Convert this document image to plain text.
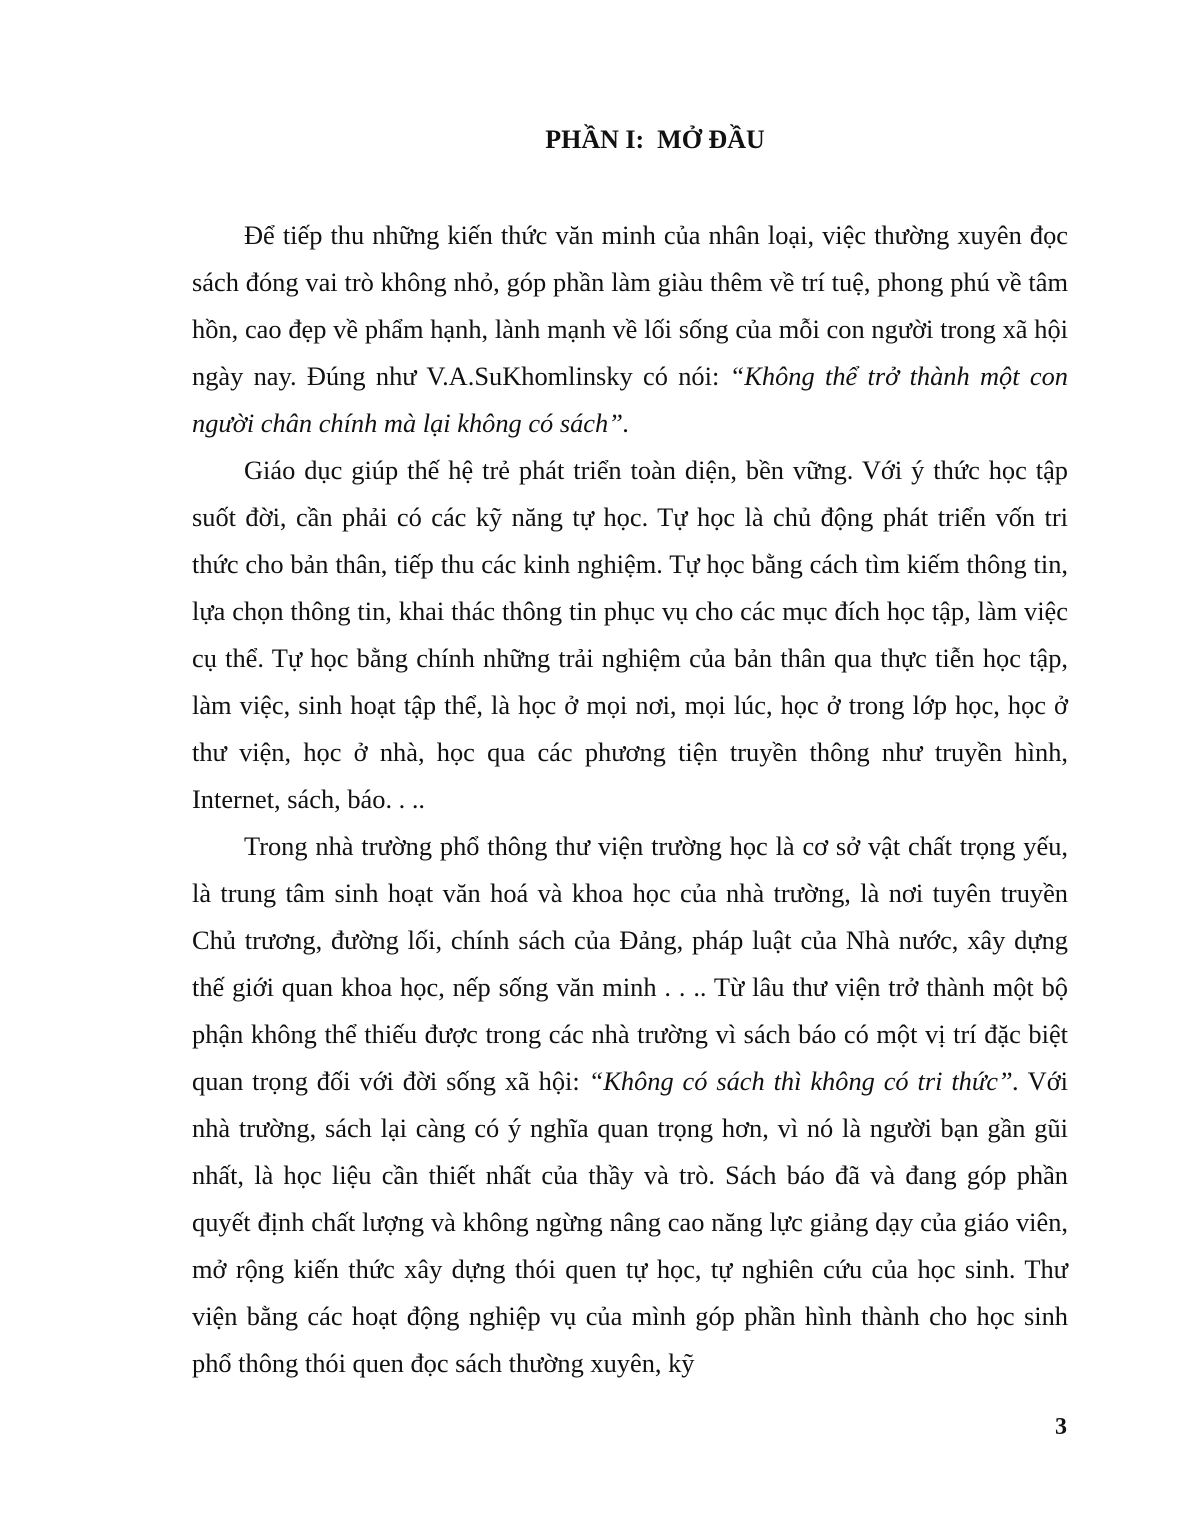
PHẦN I:  MỞ ĐẦU

Để tiếp thu những kiến thức văn minh của nhân loại, việc thường xuyên đọc sách đóng vai trò không nhỏ, góp phần làm giàu thêm về trí tuệ, phong phú về tâm hồn, cao đẹp về phẩm hạnh, lành mạnh về lối sống của mỗi con người trong xã hội ngày nay. Đúng như V.A.SuKhomlinsky có nói: “Không thể trở thành một con người chân chính mà lại không có sách”.

Giáo dục giúp thế hệ trẻ phát triển toàn diện, bền vững. Với ý thức học tập suốt đời, cần phải có các kỹ năng tự học. Tự học là chủ động phát triển vốn tri thức cho bản thân, tiếp thu các kinh nghiệm. Tự học bằng cách tìm kiếm thông tin, lựa chọn thông tin, khai thác thông tin phục vụ cho các mục đích học tập, làm việc cụ thể. Tự học bằng chính những trải nghiệm của bản thân qua thực tiễn học tập, làm việc, sinh hoạt tập thể, là học ở mọi nơi, mọi lúc, học ở trong lớp học, học ở thư viện, học ở nhà, học qua các phương tiện truyền thông như truyền hình, Internet, sách, báo. . ..

Trong nhà trường phổ thông thư viện trường học là cơ sở vật chất trọng yếu, là trung tâm sinh hoạt văn hoá và khoa học của nhà trường, là nơi tuyên truyền Chủ trương, đường lối, chính sách của Đảng, pháp luật của Nhà nước, xây dựng thế giới quan khoa học, nếp sống văn minh . . .. Từ lâu thư viện trở thành một bộ phận không thể thiếu được trong các nhà trường vì sách báo có một vị trí đặc biệt quan trọng đối với đời sống xã hội: “Không có sách thì không có tri thức”. Với nhà trường, sách lại càng có ý nghĩa quan trọng hơn, vì nó là người bạn gần gũi nhất, là học liệu cần thiết nhất của thầy và trò. Sách báo đã và đang góp phần quyết định chất lượng và không ngừng nâng cao năng lực giảng dạy của giáo viên, mở rộng kiến thức xây dựng thói quen tự học, tự nghiên cứu của học sinh. Thư viện bằng các hoạt động nghiệp vụ của mình góp phần hình thành cho học sinh phổ thông thói quen đọc sách thường xuyên, kỹ

3
